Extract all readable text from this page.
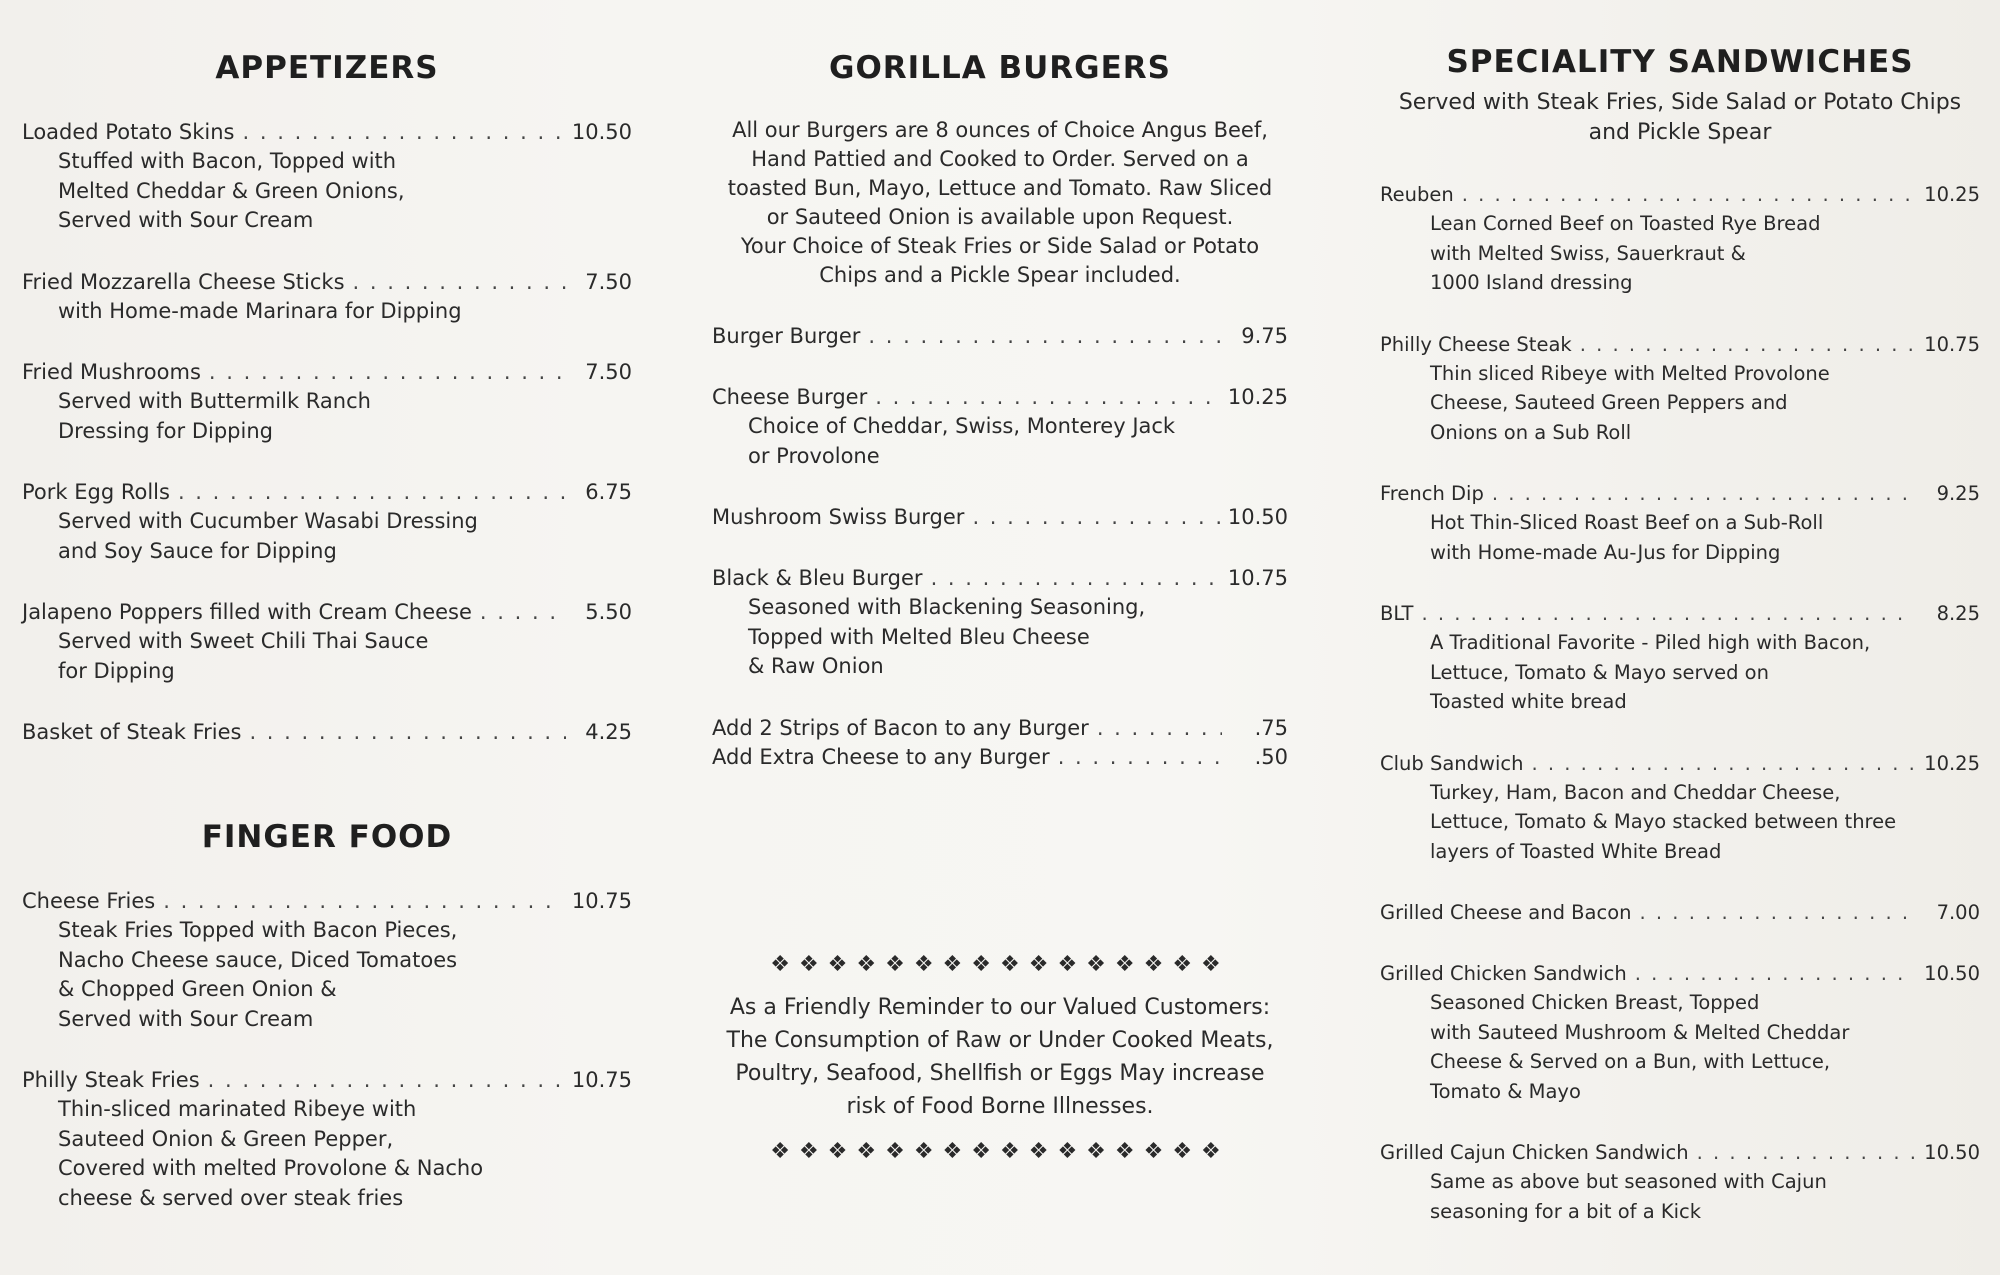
APPETIZERS
Loaded Potato Skins . . .	10.50
Stuffed with Bacon, Topped with
Melted Cheddar & Green Onions,
Served with Sour Cream
Fried Mozzarella Cheese Sticks . . .	7.50
with Home-made Marinara for Dipping
Fried Mushrooms . . .	7.50
Served with Buttermilk Ranch
Dressing for Dipping
Pork Egg Rolls . . .	6.75
Served with Cucumber Wasabi Dressing
and Soy Sauce for Dipping
Jalapeno Poppers filled with Cream Cheese . . .	5.50
Served with Sweet Chili Thai Sauce
for Dipping
Basket of Steak Fries . . .	4.25
FINGER FOOD
Cheese Fries . . .	10.75
Steak Fries Topped with Bacon Pieces,
Nacho Cheese sauce, Diced Tomatoes
& Chopped Green Onion &
Served with Sour Cream
Philly Steak Fries . . .	10.75
Thin-sliced marinated Ribeye with
Sauteed Onion & Green Pepper,
Covered with melted Provolone & Nacho
cheese & served over steak fries
GORILLA BURGERS
All our Burgers are 8 ounces of Choice Angus Beef,
Hand Pattied and Cooked to Order. Served on a
toasted Bun, Mayo, Lettuce and Tomato. Raw Sliced
or Sauteed Onion is available upon Request.
Your Choice of Steak Fries or Side Salad or Potato
Chips and a Pickle Spear included.
Burger Burger . . .	9.75
Cheese Burger . . .	10.25
Choice of Cheddar, Swiss, Monterey Jack
or Provolone
Mushroom Swiss Burger . . .	10.50
Black & Bleu Burger . . .	10.75
Seasoned with Blackening Seasoning,
Topped with Melted Bleu Cheese
& Raw Onion
Add 2 Strips of Bacon to any Burger . . .	.75
Add Extra Cheese to any Burger . . .	.50
❖❖❖❖❖❖❖❖❖❖❖❖❖❖❖❖
As a Friendly Reminder to our Valued Customers:
The Consumption of Raw or Under Cooked Meats,
Poultry, Seafood, Shellfish or Eggs May increase
risk of Food Borne Illnesses.
❖❖❖❖❖❖❖❖❖❖❖❖❖❖❖❖
SPECIALITY SANDWICHES
Served with Steak Fries, Side Salad or Potato Chips
and Pickle Spear
Reuben . . .	10.25
Lean Corned Beef on Toasted Rye Bread
with Melted Swiss, Sauerkraut &
1000 Island dressing
Philly Cheese Steak . . .	10.75
Thin sliced Ribeye with Melted Provolone
Cheese, Sauteed Green Peppers and
Onions on a Sub Roll
French Dip . . .	9.25
Hot Thin-Sliced Roast Beef on a Sub-Roll
with Home-made Au-Jus for Dipping
BLT . . .	8.25
A Traditional Favorite - Piled high with Bacon,
Lettuce, Tomato & Mayo served on
Toasted white bread
Club Sandwich . . .	10.25
Turkey, Ham, Bacon and Cheddar Cheese,
Lettuce, Tomato & Mayo stacked between three
layers of Toasted White Bread
Grilled Cheese and Bacon . . .	7.00
Grilled Chicken Sandwich . . .	10.50
Seasoned Chicken Breast, Topped
with Sauteed Mushroom & Melted Cheddar
Cheese & Served on a Bun, with Lettuce,
Tomato & Mayo
Grilled Cajun Chicken Sandwich . . .	10.50
Same as above but seasoned with Cajun
seasoning for a bit of a Kick
